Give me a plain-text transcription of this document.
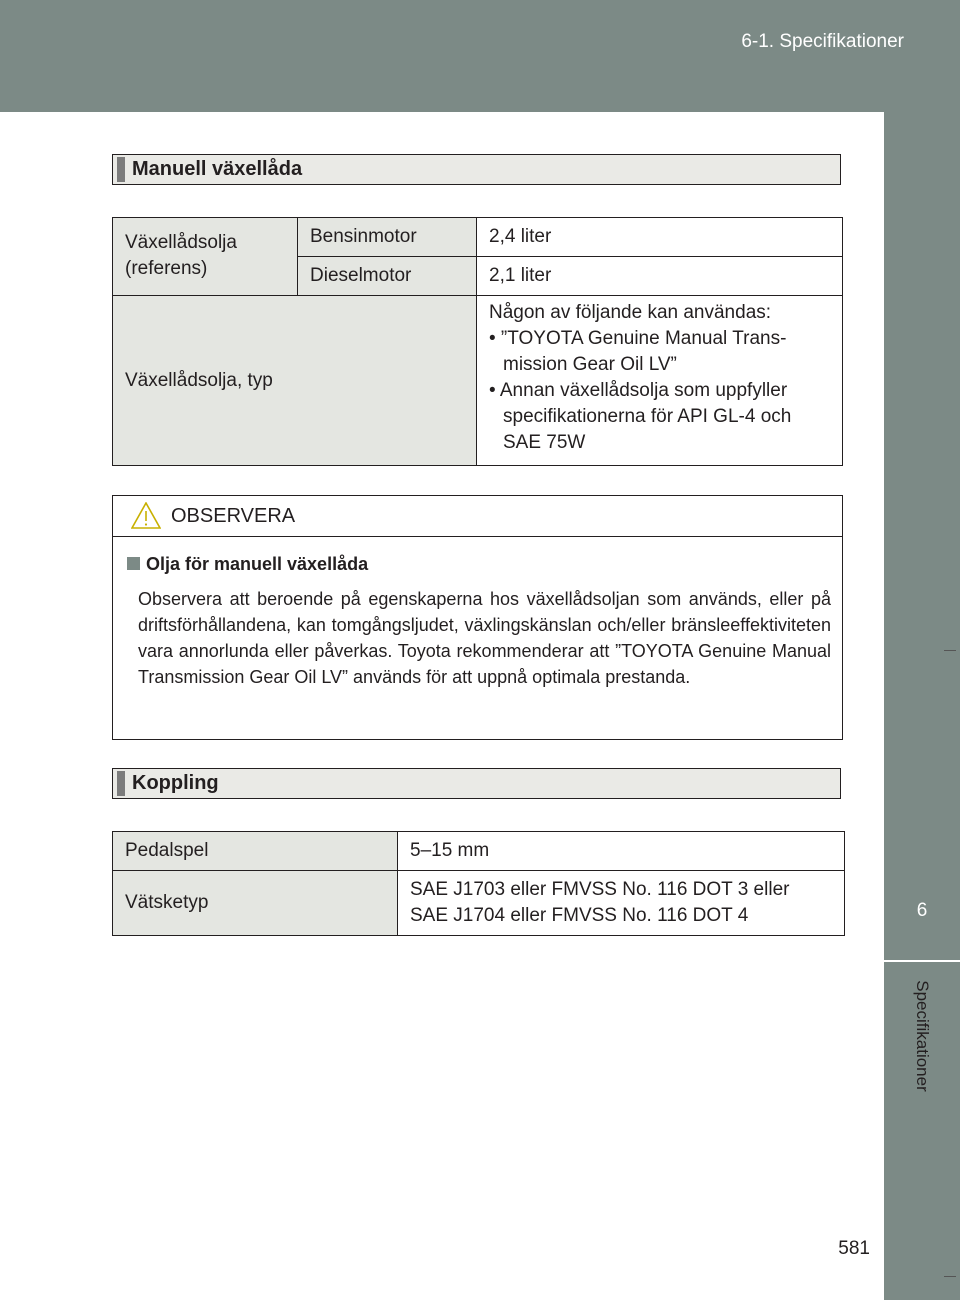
6-1. Specifikationer
6
Specifikationer
581
Manuell växellåda
Växellådsolja
(referens)	Bensinmotor	2,4 liter
	Dieselmotor	2,1 liter
Växellådsolja, typ		Någon av följande kan användas:
• ”TOYOTA Genuine Manual Trans-mission Gear Oil LV”
• Annan växellådsolja som uppfyller specifikationerna för API GL-4 och SAE 75W
OBSERVERA
Olja för manuell växellåda
Observera att beroende på egenskaperna hos växellådsoljan som används, eller på driftsförhållandena, kan tomgångsljudet, växlingskänslan och/eller bränsleeffektiviteten vara annorlunda eller påverkas. Toyota rekommenderar att ”TOYOTA Genuine Manual Transmission Gear Oil LV” används för att uppnå optimala prestanda.
Koppling
Pedalspel	5–15 mm
Vätsketyp	SAE J1703 eller FMVSS No. 116 DOT 3 eller
SAE J1704 eller FMVSS No. 116 DOT 4
